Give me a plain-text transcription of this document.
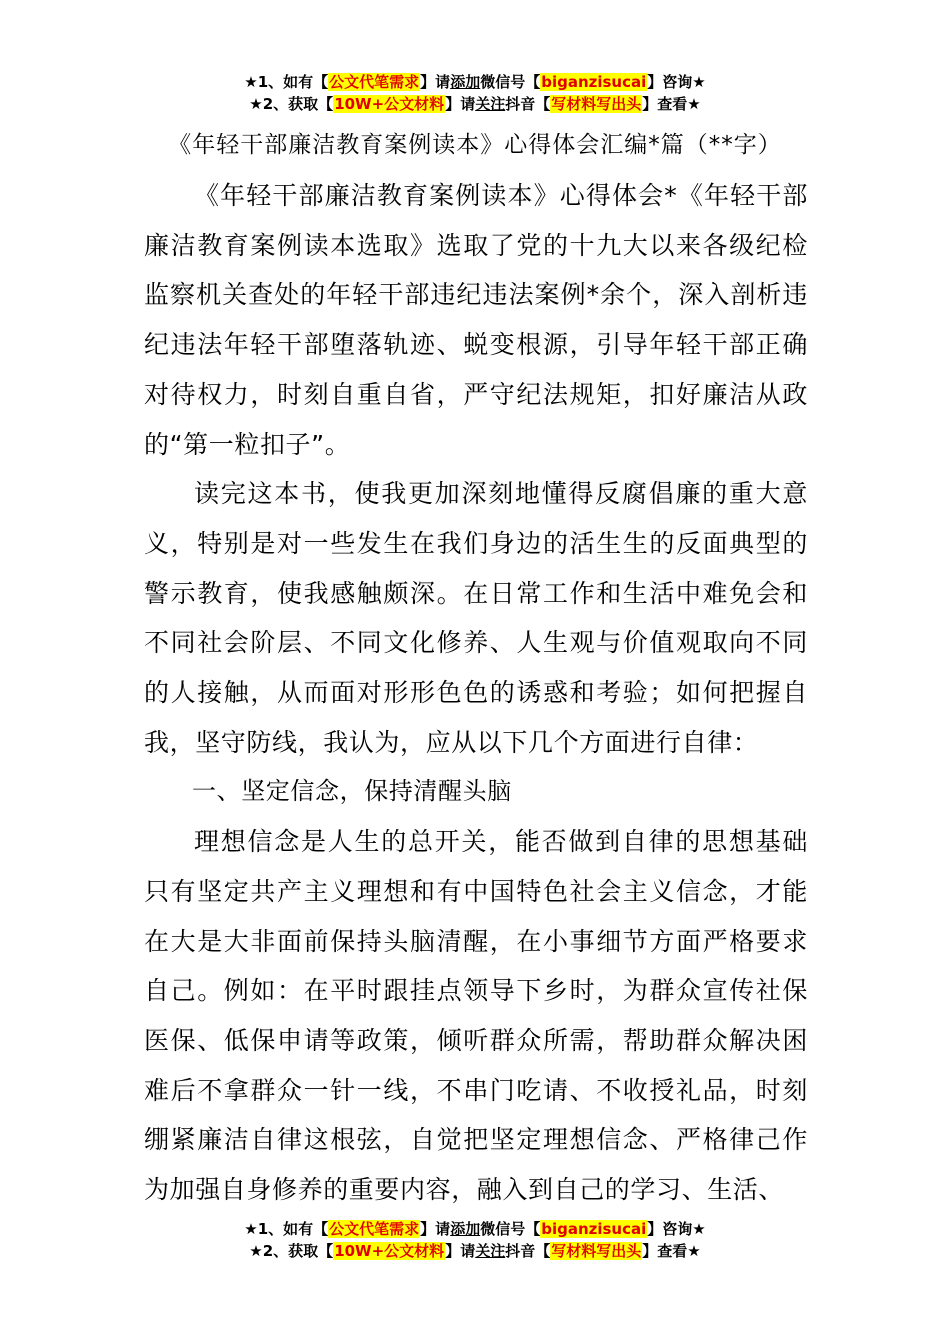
★1、如有【公文代笔需求】请添加微信号【biganzisucai】咨询★
★2、获取【10W+公文材料】请关注抖音【写材料写出头】查看★
《年轻干部廉洁教育案例读本》心得体会汇编*篇（**字）

《年轻干部廉洁教育案例读本》心得体会*《年轻干部廉洁教育案例读本选取》选取了党的十九大以来各级纪检监察机关查处的年轻干部违纪违法案例*余个，深入剖析违纪违法年轻干部堕落轨迹、蜕变根源，引导年轻干部正确对待权力，时刻自重自省，严守纪法规矩，扣好廉洁从政的“第一粒扣子”。

读完这本书，使我更加深刻地懂得反腐倡廉的重大意义，特别是对一些发生在我们身边的活生生的反面典型的警示教育，使我感触颇深。在日常工作和生活中难免会和不同社会阶层、不同文化修养、人生观与价值观取向不同的人接触，从而面对形形色色的诱惑和考验；如何把握自我，坚守防线，我认为，应从以下几个方面进行自律：

一、坚定信念，保持清醒头脑

理想信念是人生的总开关，能否做到自律的思想基础只有坚定共产主义理想和有中国特色社会主义信念，才能在大是大非面前保持头脑清醒，在小事细节方面严格要求自己。例如：在平时跟挂点领导下乡时，为群众宣传社保医保、低保申请等政策，倾听群众所需，帮助群众解决困难后不拿群众一针一线，不串门吃请、不收授礼品，时刻绷紧廉洁自律这根弦，自觉把坚定理想信念、严格律己作为加强自身修养的重要内容，融入到自己的学习、生活、

★1、如有【公文代笔需求】请添加微信号【biganzisucai】咨询★
★2、获取【10W+公文材料】请关注抖音【写材料写出头】查看★
